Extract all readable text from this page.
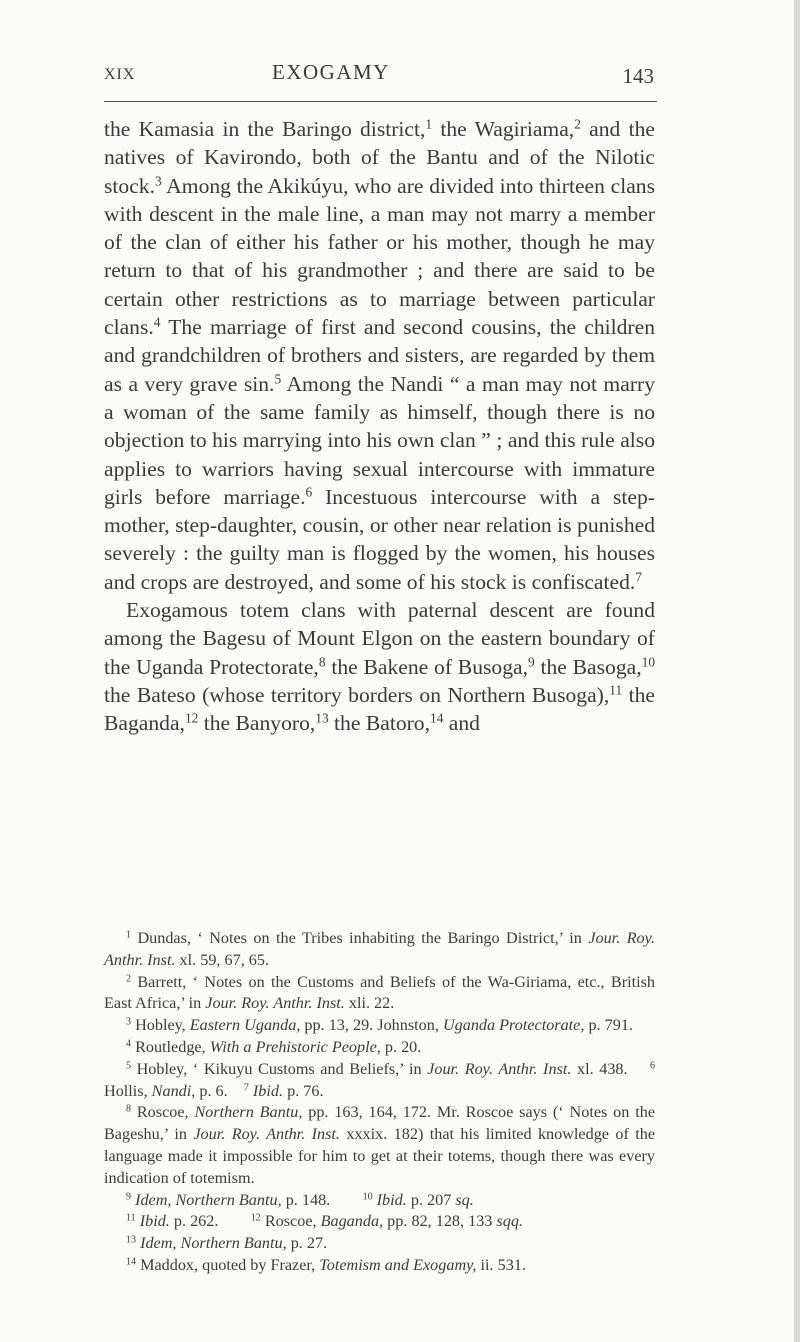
XIX	EXOGAMY	143

the Kamasia in the Baringo district,$^1$ the Wagiriama,$^2$ and the natives of Kavirondo, both of the Bantu and of the Nilotic stock.$^3$ Among the Akikúyu, who are divided into thirteen clans with descent in the male line, a man may not marry a member of the clan of either his father or his mother, though he may return to that of his grandmother ; and there are said to be certain other restrictions as to marriage between particular clans.$^4$ The marriage of first and second cousins, the children and grandchildren of brothers and sisters, are regarded by them as a very grave sin.$^5$ Among the Nandi “ a man may not marry a woman of the same family as himself, though there is no objection to his marrying into his own clan ” ; and this rule also applies to warriors having sexual intercourse with immature girls before marriage.$^6$ Incestuous intercourse with a step-mother, step-daughter, cousin, or other near relation is punished severely : the guilty man is flogged by the women, his houses and crops are destroyed, and some of his stock is confiscated.$^7$

Exogamous totem clans with paternal descent are found among the Bagesu of Mount Elgon on the eastern boundary of the Uganda Protectorate,$^8$ the Bakene of Busoga,$^9$ the Basoga,$^{10}$ the Bateso (whose territory borders on Northern Busoga),$^{11}$ the Baganda,$^{12}$ the Banyoro,$^{13}$ the Batoro,$^{14}$ and

$^1$ Dundas, ‘ Notes on the Tribes inhabiting the Baringo District,’ in Jour. Roy. Anthr. Inst. xl. 59, 67, 65.

$^2$ Barrett, ‘ Notes on the Customs and Beliefs of the Wa-Giriama, etc., British East Africa,’ in Jour. Roy. Anthr. Inst. xli. 22.

$^3$ Hobley, Eastern Uganda, pp. 13, 29. Johnston, Uganda Protectorate, p. 791.

$^4$ Routledge, With a Prehistoric People, p. 20.

$^5$ Hobley, ‘ Kikuyu Customs and Beliefs,’ in Jour. Roy. Anthr. Inst. xl. 438.    $^6$ Hollis, Nandi, p. 6.    $^7$ Ibid. p. 76.

$^8$ Roscoe, Northern Bantu, pp. 163, 164, 172. Mr. Roscoe says (‘ Notes on the Bageshu,’ in Jour. Roy. Anthr. Inst. xxxix. 182) that his limited knowledge of the language made it impossible for him to get at their totems, though there was every indication of totemism.

$^9$ Idem, Northern Bantu, p. 148.        $^{10}$ Ibid. p. 207 sq.

$^{11}$ Ibid. p. 262.        $^{12}$ Roscoe, Baganda, pp. 82, 128, 133 sqq.

$^{13}$ Idem, Northern Bantu, p. 27.

$^{14}$ Maddox, quoted by Frazer, Totemism and Exogamy, ii. 531.
